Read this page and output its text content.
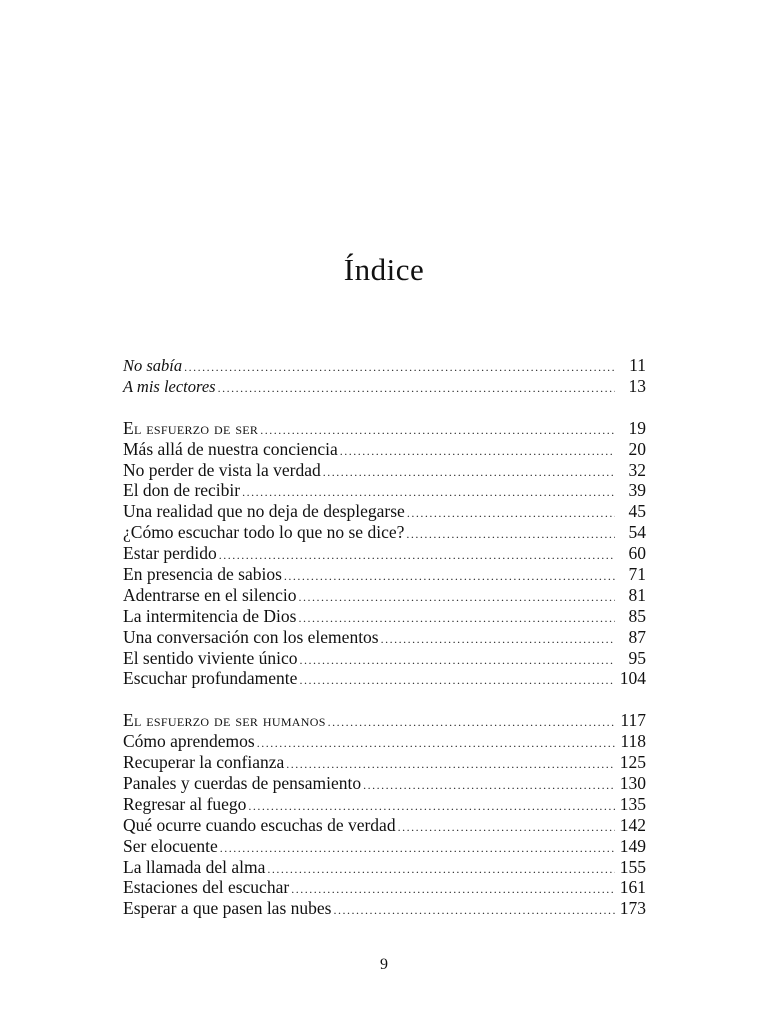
Índice
No sabía .....	11
A mis lectores .....	13
El esfuerzo de ser .....	19
Más allá de nuestra conciencia .....	20
No perder de vista la verdad .....	32
El don de recibir .....	39
Una realidad que no deja de desplegarse .....	45
¿Cómo escuchar todo lo que no se dice? .....	54
Estar perdido .....	60
En presencia de sabios .....	71
Adentrarse en el silencio .....	81
La intermitencia de Dios .....	85
Una conversación con los elementos .....	87
El sentido viviente único .....	95
Escuchar profundamente .....	104
El esfuerzo de ser humanos .....	117
Cómo aprendemos .....	118
Recuperar la confianza .....	125
Panales y cuerdas de pensamiento .....	130
Regresar al fuego .....	135
Qué ocurre cuando escuchas de verdad .....	142
Ser elocuente .....	149
La llamada del alma .....	155
Estaciones del escuchar .....	161
Esperar a que pasen las nubes .....	173
9
